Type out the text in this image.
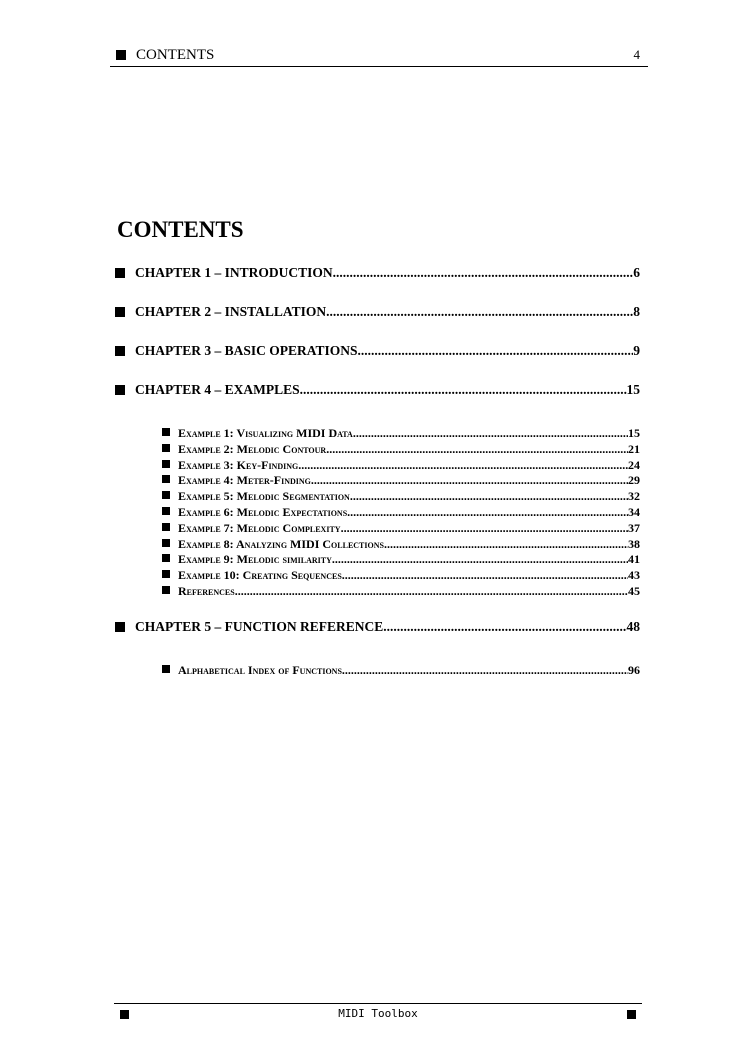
CONTENTS	4
CONTENTS
CHAPTER 1 – INTRODUCTION .....	6
CHAPTER 2 – INSTALLATION .....	8
CHAPTER 3 – BASIC OPERATIONS .....	9
CHAPTER 4 – EXAMPLES .....	15
Example 1: Visualizing MIDI Data .....	15
Example 2: Melodic Contour .....	21
Example 3: Key-Finding .....	24
Example 4: Meter-Finding .....	29
Example 5: Melodic Segmentation .....	32
Example 6: Melodic Expectations .....	34
Example 7: Melodic Complexity .....	37
Example 8: Analyzing MIDI Collections .....	38
Example 9: Melodic similarity .....	41
Example 10: Creating Sequences .....	43
References .....	45
CHAPTER 5 – FUNCTION REFERENCE .....	48
Alphabetical Index of Functions .....	96
MIDI Toolbox
